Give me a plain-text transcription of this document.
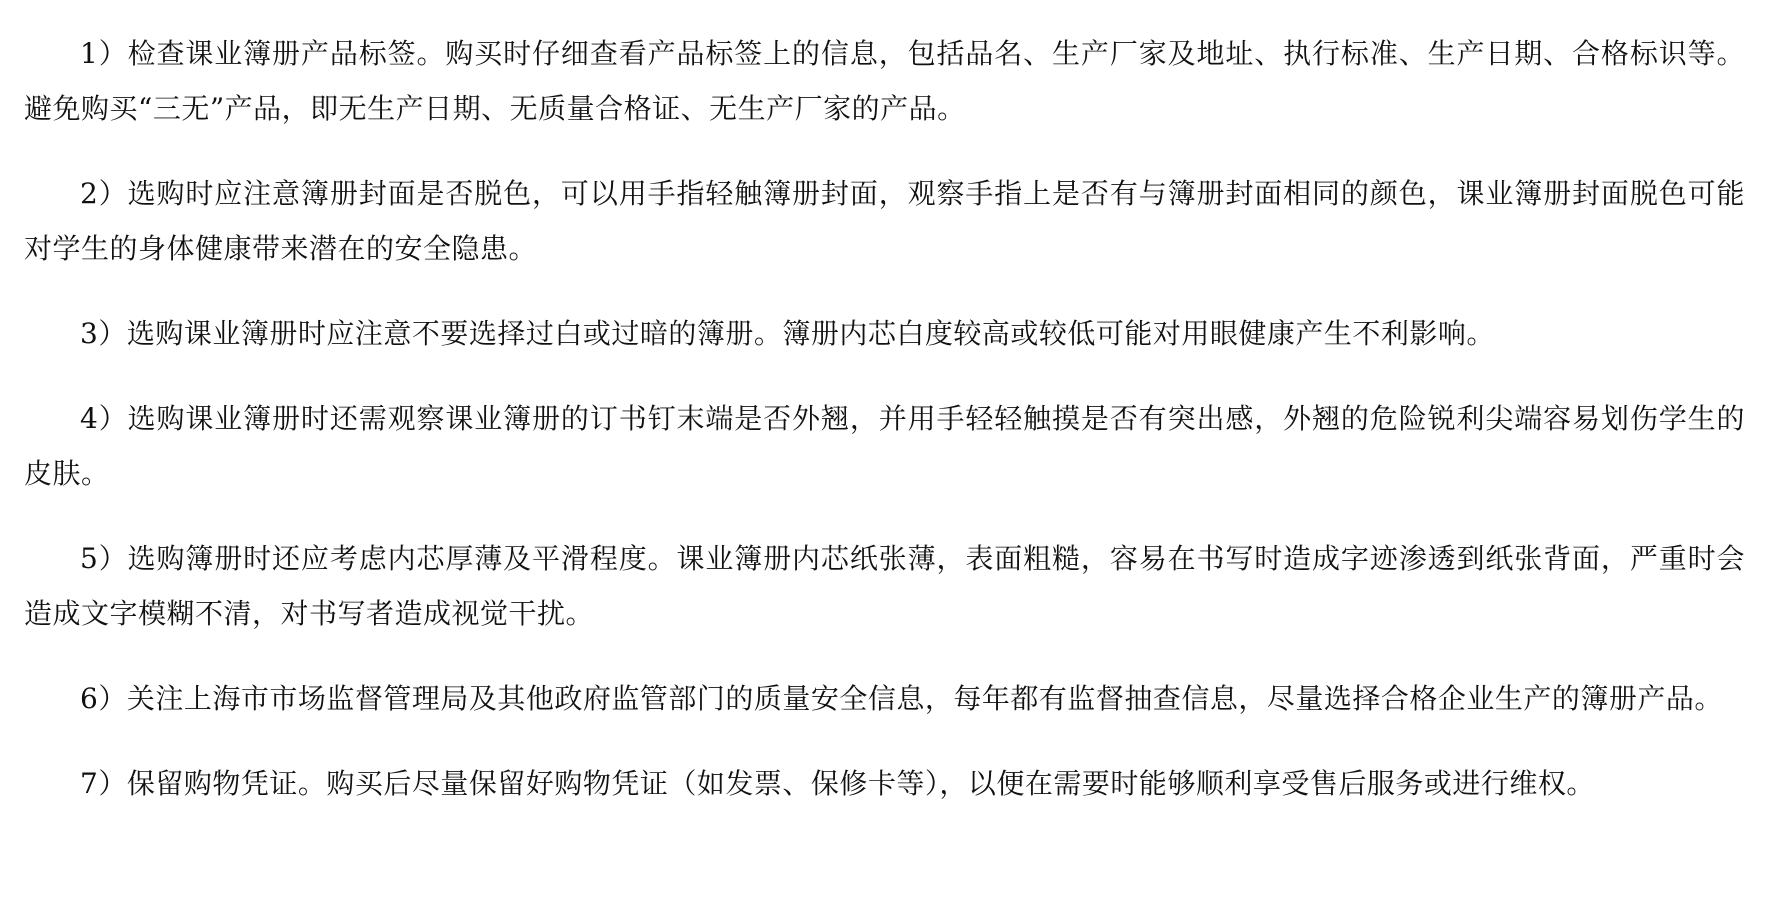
1）检查课业簿册产品标签。购买时仔细查看产品标签上的信息，包括品名、生产厂家及地址、执行标准、生产日期、合格标识等。避免购买“三无”产品，即无生产日期、无质量合格证、无生产厂家的产品。

2）选购时应注意簿册封面是否脱色，可以用手指轻触簿册封面，观察手指上是否有与簿册封面相同的颜色，课业簿册封面脱色可能对学生的身体健康带来潜在的安全隐患。

3）选购课业簿册时应注意不要选择过白或过暗的簿册。簿册内芯白度较高或较低可能对用眼健康产生不利影响。

4）选购课业簿册时还需观察课业簿册的订书钉末端是否外翘，并用手轻轻触摸是否有突出感，外翘的危险锐利尖端容易划伤学生的皮肤。

5）选购簿册时还应考虑内芯厚薄及平滑程度。课业簿册内芯纸张薄，表面粗糙，容易在书写时造成字迹渗透到纸张背面，严重时会造成文字模糊不清，对书写者造成视觉干扰。

6）关注上海市市场监督管理局及其他政府监管部门的质量安全信息，每年都有监督抽查信息，尽量选择合格企业生产的簿册产品。

7）保留购物凭证。购买后尽量保留好购物凭证（如发票、保修卡等），以便在需要时能够顺利享受售后服务或进行维权。
